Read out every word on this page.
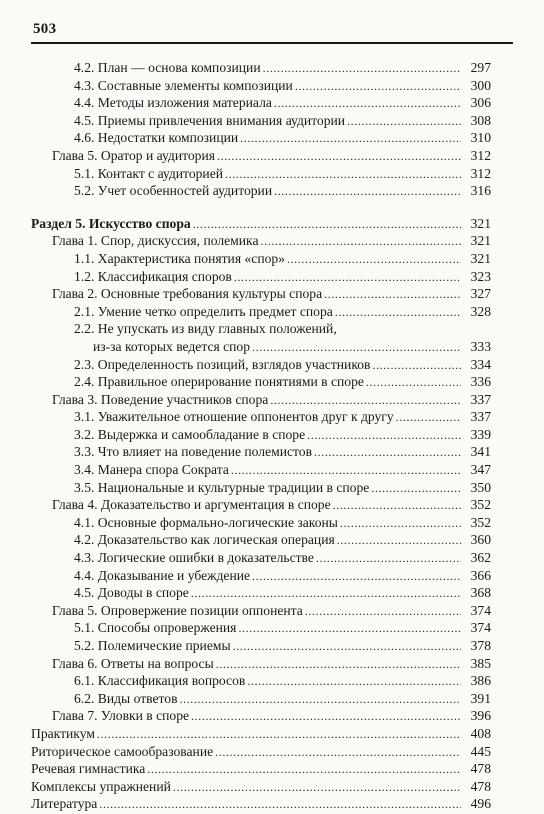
503
4.2. План — основа композиции . . .	297
4.3. Составные элементы композиции . . .	300
4.4. Методы изложения материала . . .	306
4.5. Приемы привлечения внимания аудитории . . .	308
4.6. Недостатки композиции . . .	310
Глава 5. Оратор и аудитория . . .	312
5.1. Контакт с аудиторией . . .	312
5.2. Учет особенностей аудитории . . .	316
Раздел 5. Искусство спора . . .	321
Глава 1. Спор, дискуссия, полемика . . .	321
1.1. Характеристика понятия «спор» . . .	321
1.2. Классификация споров . . .	323
Глава 2. Основные требования культуры спора . . .	327
2.1. Умение четко определить предмет спора . . .	328
2.2. Не упускать из виду главных положений,
из-за которых ведется спор . . .	333
2.3. Определенность позиций, взглядов участников . . .	334
2.4. Правильное оперирование понятиями в споре . . .	336
Глава 3. Поведение участников спора . . .	337
3.1. Уважительное отношение оппонентов друг к другу . . .	337
3.2. Выдержка и самообладание в споре . . .	339
3.3. Что влияет на поведение полемистов . . .	341
3.4. Манера спора Сократа . . .	347
3.5. Национальные и культурные традиции в споре . . .	350
Глава 4. Доказательство и аргументация в споре . . .	352
4.1. Основные формально-логические законы . . .	352
4.2. Доказательство как логическая операция . . .	360
4.3. Логические ошибки в доказательстве . . .	362
4.4. Доказывание и убеждение . . .	366
4.5. Доводы в споре . . .	368
Глава 5. Опровержение позиции оппонента . . .	374
5.1. Способы опровержения . . .	374
5.2. Полемические приемы . . .	378
Глава 6. Ответы на вопросы . . .	385
6.1. Классификация вопросов . . .	386
6.2. Виды ответов . . .	391
Глава 7. Уловки в споре . . .	396
Практикум . . .	408
Риторическое самообразование . . .	445
Речевая гимнастика . . .	478
Комплексы упражнений . . .	478
Литература . . .	496
